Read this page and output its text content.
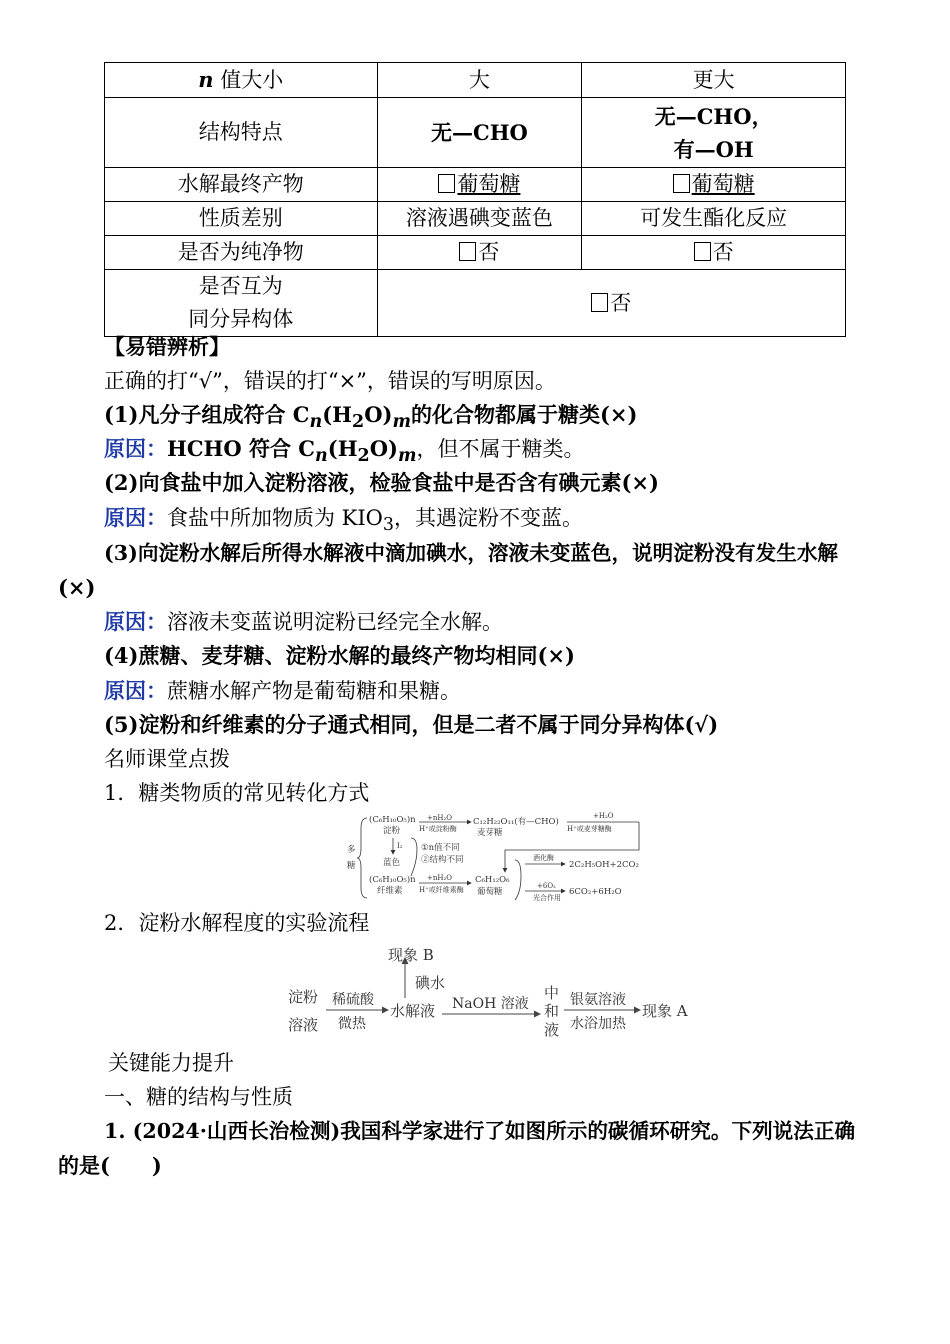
n 值大小	大	更大
结构特点	无—CHO	无—CHO，
有—OH

水解最终产物	葡萄糖	葡萄糖
性质差别	溶液遇碘变蓝色	可发生酯化反应
是否为纯净物	否	否

是否互为
同分异构体	否	
【易错辨析】
正确的打“√”，错误的打“×”，错误的写明原因。
(1)凡分子组成符合 $C_n(H_2O)_m$的化合物都属于糖类(×)
原因：HCHO 符合 $C_n(H_2O)_m$，但不属于糖类。
(2)向食盐中加入淀粉溶液，检验食盐中是否含有碘元素(×)
原因：食盐中所加物质为 $KIO_3$，其遇淀粉不变蓝。
(3)向淀粉水解后所得水解液中滴加碘水，溶液未变蓝色，说明淀粉没有发生水解
(×)
原因：溶液未变蓝说明淀粉已经完全水解。
(4)蔗糖、麦芽糖、淀粉水解的最终产物均相同(×)
原因：蔗糖水解产物是葡萄糖和果糖。
(5)淀粉和纤维素的分子通式相同，但是二者不属于同分异构体(√)
名师课堂点拨
1．糖类物质的常见转化方式
多
糖
(C₆H₁₀O₅)n
淀粉
+nH₂O
H⁺或淀粉酶
C₁₂H₂₂O₁₁(有—CHO)
麦芽糖
+H₂O
H⁺或麦芽糖酶
I₂
蓝色
①n值不同
②结构不同
(C₆H₁₀O₅)n
纤维素
+nH₂O
H⁺或纤维素酶
C₆H₁₂O₆
葡萄糖
酒化酶
2C₂H₅OH+2CO₂
+6O₂
光合作用
6CO₂+6H₂O
2．淀粉水解程度的实验流程
淀粉
溶液
稀硫酸
微热
水解液
碘水
现象 B
NaOH 溶液
中
和
液
银氨溶液
水浴加热
现象 A
关键能力提升
一、糖的结构与性质
1. (2024·山西长治检测)我国科学家进行了如图所示的碳循环研究。下列说法正确
的是(　　)
